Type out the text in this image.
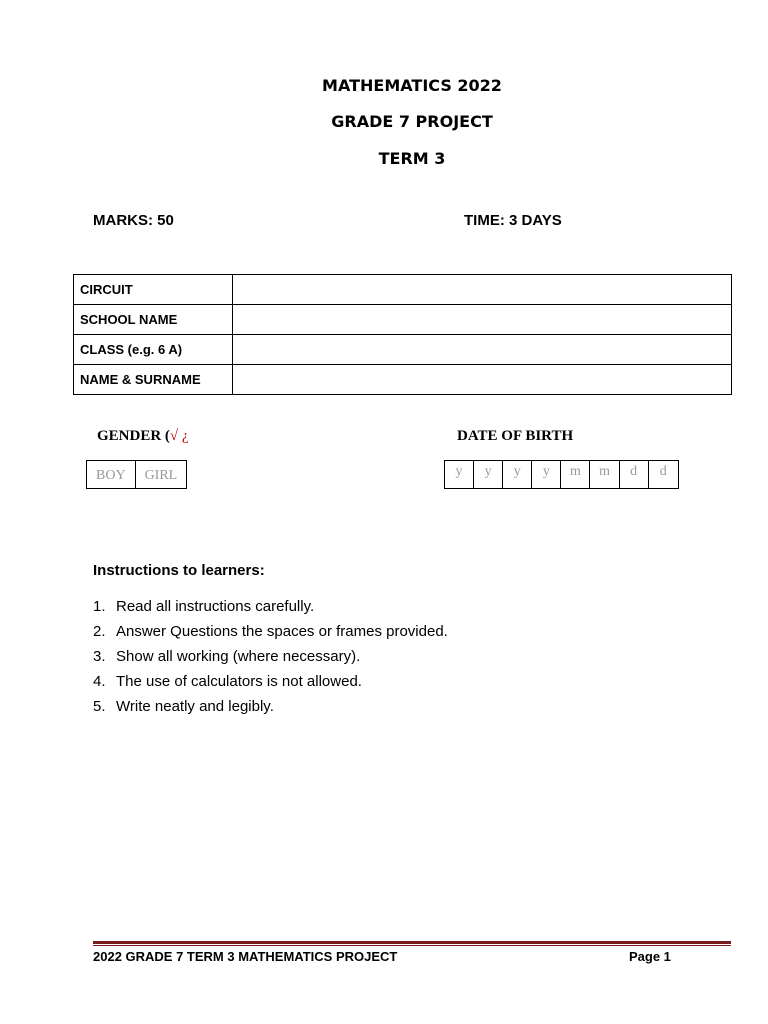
MATHEMATICS 2022
GRADE 7 PROJECT
TERM 3
MARKS: 50	TIME: 3 DAYS
CIRCUIT	
SCHOOL NAME	
CLASS (e.g. 6 A)	
NAME & SURNAME	
GENDER (√ ¿	DATE OF BIRTH
BOY	GIRL	y	y	y	y	m	m	d	d
Instructions to learners:
1. Read all instructions carefully.
2. Answer Questions the spaces or frames provided.
3. Show all working (where necessary).
4. The use of calculators is not allowed.
5. Write neatly and legibly.
2022 GRADE 7 TERM 3 MATHEMATICS PROJECT	Page 1
